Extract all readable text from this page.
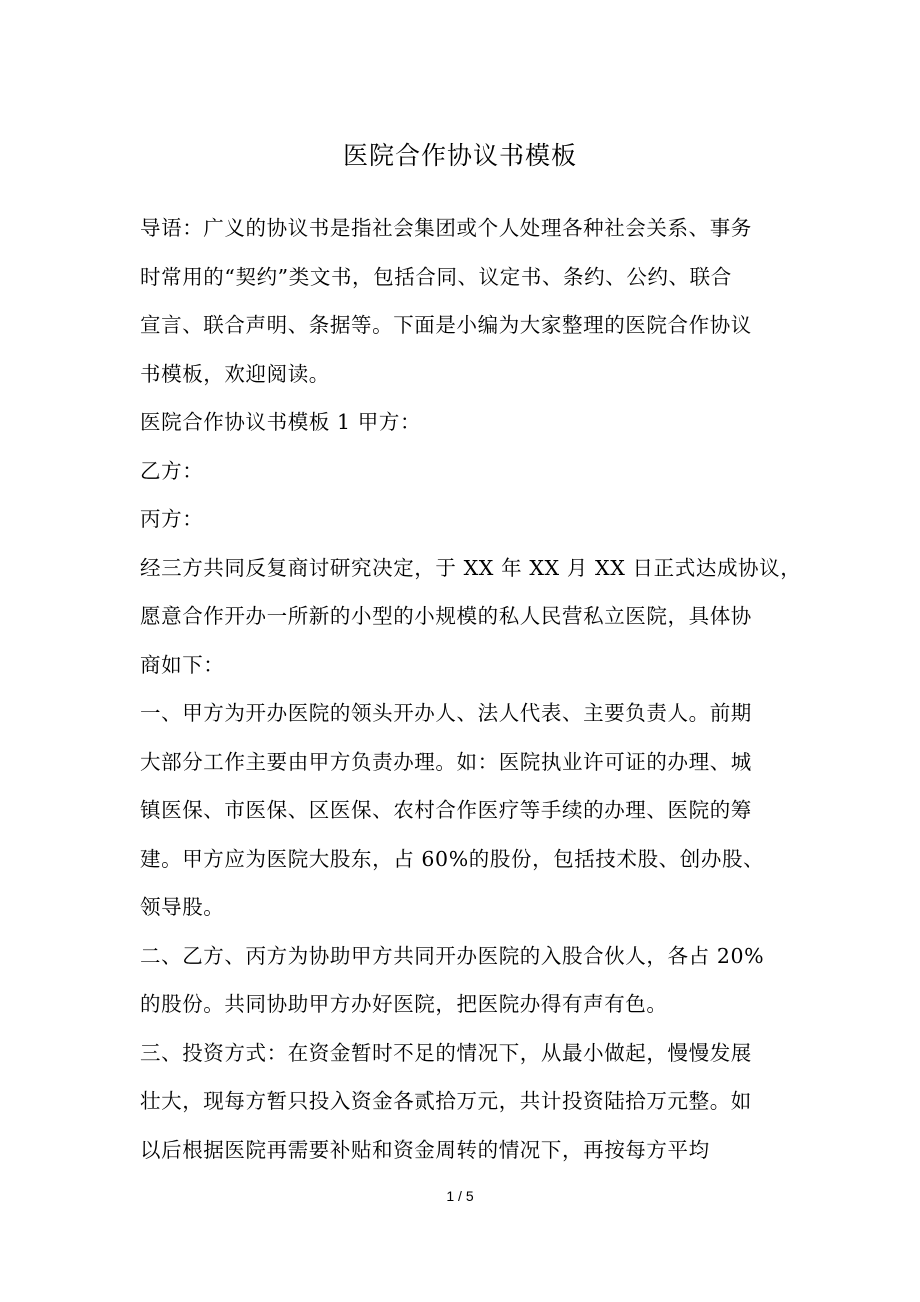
医院合作协议书模板
导语：广义的协议书是指社会集团或个人处理各种社会关系、事务
时常用的“契约”类文书，包括合同、议定书、条约、公约、联合
宣言、联合声明、条据等。下面是小编为大家整理的医院合作协议
书模板，欢迎阅读。
医院合作协议书模板 1 甲方：
乙方：
丙方：
经三方共同反复商讨研究决定，于 XX 年 XX 月 XX 日正式达成协议，
愿意合作开办一所新的小型的小规模的私人民营私立医院，具体协
商如下：
一、甲方为开办医院的领头开办人、法人代表、主要负责人。前期
大部分工作主要由甲方负责办理。如：医院执业许可证的办理、城
镇医保、市医保、区医保、农村合作医疗等手续的办理、医院的筹
建。甲方应为医院大股东，占 60%的股份，包括技术股、创办股、
领导股。
二、乙方、丙方为协助甲方共同开办医院的入股合伙人，各占 20%
的股份。共同协助甲方办好医院，把医院办得有声有色。
三、投资方式：在资金暂时不足的情况下，从最小做起，慢慢发展
壮大，现每方暂只投入资金各贰拾万元，共计投资陆拾万元整。如
以后根据医院再需要补贴和资金周转的情况下，再按每方平均
1 / 5
